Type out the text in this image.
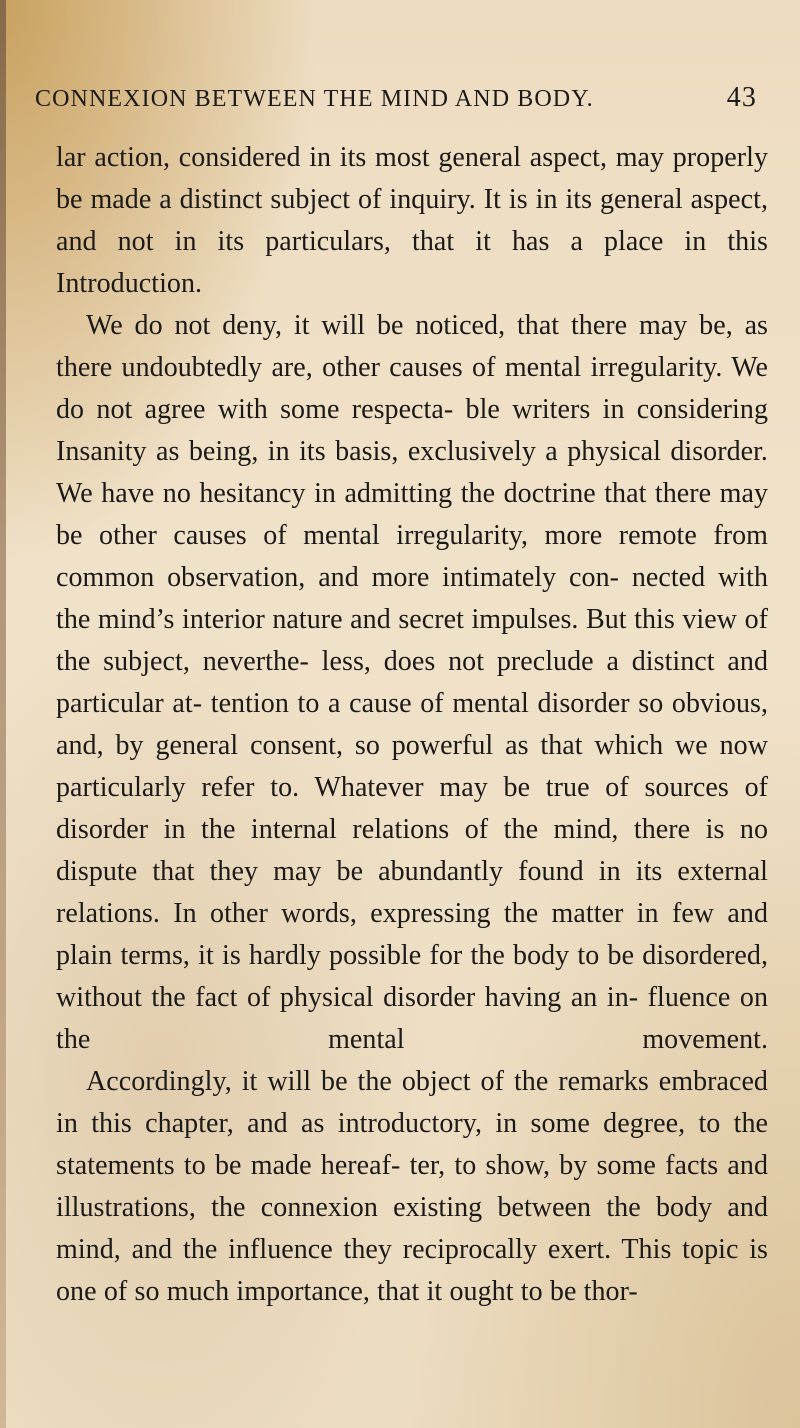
CONNEXION BETWEEN THE MIND AND BODY.	43

lar action, considered in its most general aspect, may properly be made a distinct subject of inquiry. It is in its general aspect, and not in its particulars, that it has a place in this Introduction.

We do not deny, it will be noticed, that there may be, as there undoubtedly are, other causes of mental irregularity. We do not agree with some respecta- ble writers in considering Insanity as being, in its basis, exclusively a physical disorder. We have no hesitancy in admitting the doctrine that there may be other causes of mental irregularity, more remote from common observation, and more intimately con- nected with the mind’s interior nature and secret impulses. But this view of the subject, neverthe- less, does not preclude a distinct and particular at- tention to a cause of mental disorder so obvious, and, by general consent, so powerful as that which we now particularly refer to. Whatever may be true of sources of disorder in the internal relations of the mind, there is no dispute that they may be abundantly found in its external relations. In other words, expressing the matter in few and plain terms, it is hardly possible for the body to be disordered, without the fact of physical disorder having an in- fluence on the mental movement.

Accordingly, it will be the object of the remarks embraced in this chapter, and as introductory, in some degree, to the statements to be made hereaf- ter, to show, by some facts and illustrations, the connexion existing between the body and mind, and the influence they reciprocally exert. This topic is one of so much importance, that it ought to be thor-
